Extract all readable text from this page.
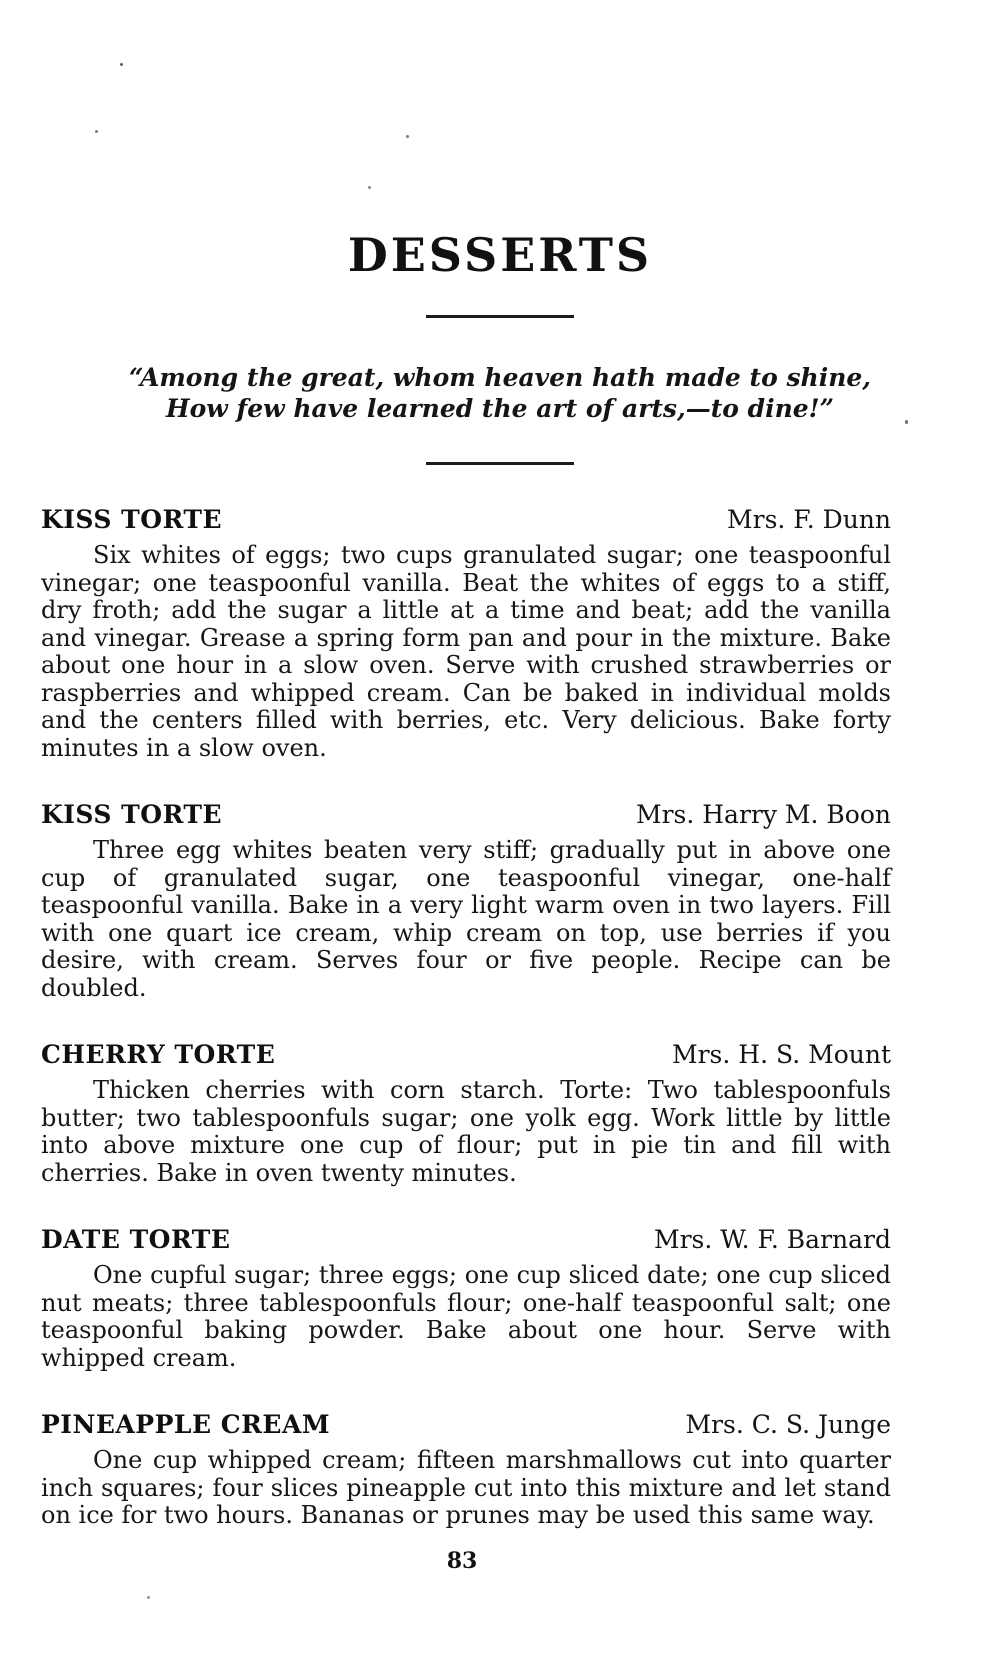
DESSERTS
“Among the great, whom heaven hath made to shine,
How few have learned the art of arts,—to dine!”
KISS TORTE	Mrs. F. Dunn

Six whites of eggs; two cups granulated sugar; one teaspoonful vinegar; one teaspoonful vanilla. Beat the whites of eggs to a stiff, dry froth; add the sugar a little at a time and beat; add the vanilla and vinegar. Grease a spring form pan and pour in the mixture. Bake about one hour in a slow oven. Serve with crushed strawberries or raspberries and whipped cream. Can be baked in individual molds and the centers filled with berries, etc. Very delicious. Bake forty minutes in a slow oven.

KISS TORTE	Mrs. Harry M. Boon

Three egg whites beaten very stiff; gradually put in above one cup of granulated sugar, one teaspoonful vinegar, one-half teaspoonful vanilla. Bake in a very light warm oven in two layers. Fill with one quart ice cream, whip cream on top, use berries if you desire, with cream. Serves four or five people. Recipe can be doubled.

CHERRY TORTE	Mrs. H. S. Mount

Thicken cherries with corn starch. Torte: Two tablespoonfuls butter; two tablespoonfuls sugar; one yolk egg. Work little by little into above mixture one cup of flour; put in pie tin and fill with cherries. Bake in oven twenty minutes.

DATE TORTE	Mrs. W. F. Barnard

One cupful sugar; three eggs; one cup sliced date; one cup sliced nut meats; three tablespoonfuls flour; one-half teaspoonful salt; one teaspoonful baking powder. Bake about one hour. Serve with whipped cream.

PINEAPPLE CREAM	Mrs. C. S. Junge

One cup whipped cream; fifteen marshmallows cut into quarter inch squares; four slices pineapple cut into this mixture and let stand on ice for two hours. Bananas or prunes may be used this same way.

83
